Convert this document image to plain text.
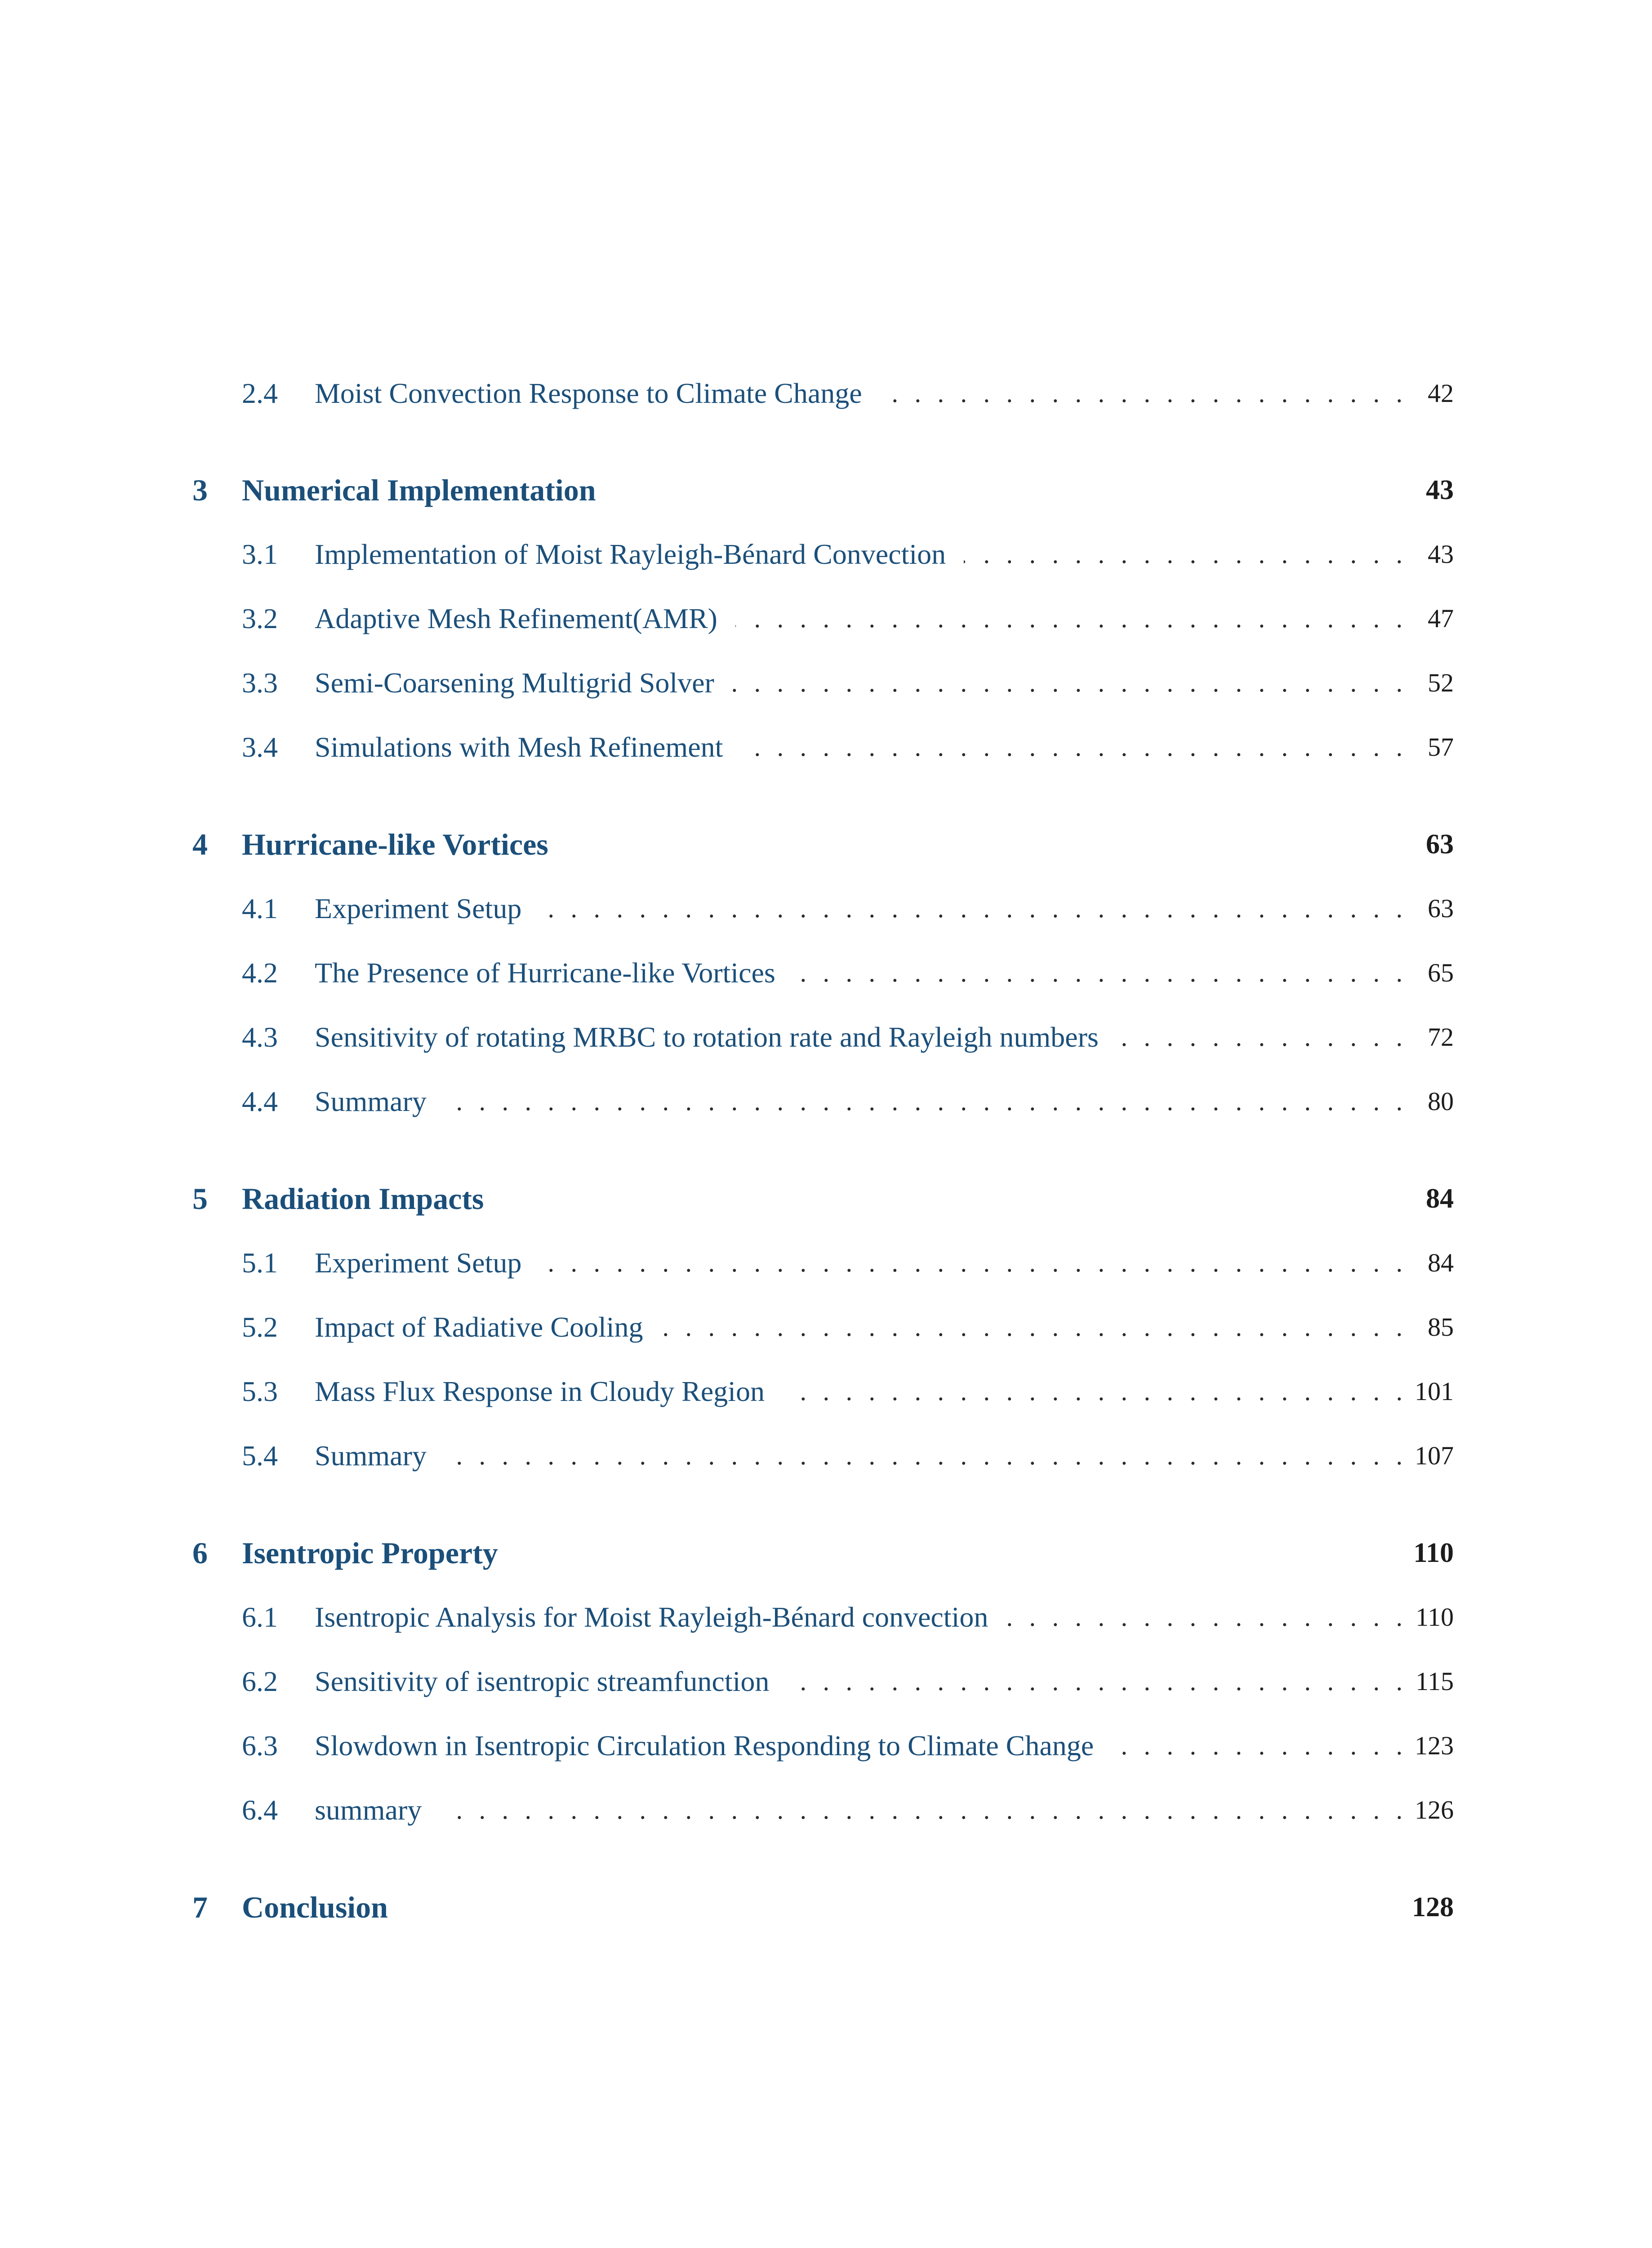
2.4 . . . Moist Convection Response to Climate Change	42
3 Numerical Implementation	43
3.1 . . . Implementation of Moist Rayleigh-Bénard Convection	43
3.2 . . . Adaptive Mesh Refinement(AMR)	47
3.3 . . . Semi-Coarsening Multigrid Solver	52
3.4 . . . Simulations with Mesh Refinement	57
4 Hurricane-like Vortices	63
4.1 . . . Experiment Setup	63
4.2 . . . The Presence of Hurricane-like Vortices	65
4.3 . . . Sensitivity of rotating MRBC to rotation rate and Rayleigh numbers	72
4.4 . . . Summary	80
5 Radiation Impacts	84
5.1 . . . Experiment Setup	84
5.2 . . . Impact of Radiative Cooling	85
5.3 . . . Mass Flux Response in Cloudy Region	101
5.4 . . . Summary	107
6 Isentropic Property	110
6.1 . . . Isentropic Analysis for Moist Rayleigh-Bénard convection	110
6.2 . . . Sensitivity of isentropic streamfunction	115
6.3 . . . Slowdown in Isentropic Circulation Responding to Climate Change	123
6.4 . . . summary	126
7 Conclusion	128
